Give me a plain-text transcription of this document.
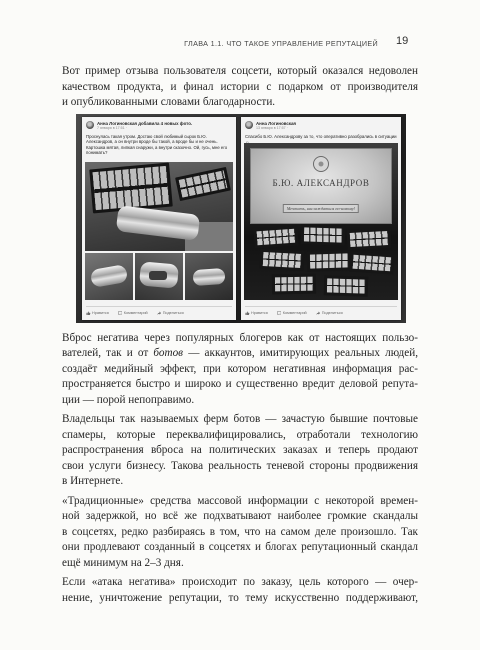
ГЛАВА 1.1. ЧТО ТАКОЕ УПРАВЛЕНИЕ РЕПУТАЦИЕЙ 19
Вот пример отзыва пользователя соцсети, который оказался недоволен
качеством продукта, и финал истории с подарком от производителя
и опубликованными словами благодарности.
Анна Логиновская добавила 4 новых фото.
7 января в 17:51 ·
Проснулась такая утром. Достаю свой любимый сырок Б.Ю. Александров, а он внутри вроде бы такой, а вроде бы и не очень. Картошка мятая, липкая снаружи, а внутри сказочно. Ой, гусь, мне его понимать?
Нравится	Комментарий	Поделиться
Анна Логиновская
13 января в 17:57 ·
Спасибо Б.Ю. Александрову за то, что оперативно разобрались в ситуации
Б.Ю. АЛЕКСАНДРОВ
Мечтать, наслаждаться по-новому!
Нравится	Комментарий	Поделиться
Вброс негатива через популярных блогеров как от настоящих пользо-
вателей, так и от ботов — аккаунтов, имитирующих реальных людей,
создаёт медийный эффект, при котором негативная информация рас-
пространяется быстро и широко и существенно вредит деловой репута-
ции — порой непоправимо.
Владельцы так называемых ферм ботов — зачастую бывшие почтовые
спамеры, которые переквалифицировались, отработали технологию
распространения вброса на политических заказах и теперь продают
свои услуги бизнесу. Такова реальность теневой стороны продвижения
в Интернете.
«Традиционные» средства массовой информации с некоторой времен-
ной задержкой, но всё же подхватывают наиболее громкие скандалы
в соцсетях, редко разбираясь в том, что на самом деле произошло. Так
они продлевают созданный в соцсетях и блогах репутационный скандал
ещё минимум на 2–3 дня.
Если «атака негатива» происходит по заказу, цель которого — очер-
нение, уничтожение репутации, то тему искусственно поддерживают,
